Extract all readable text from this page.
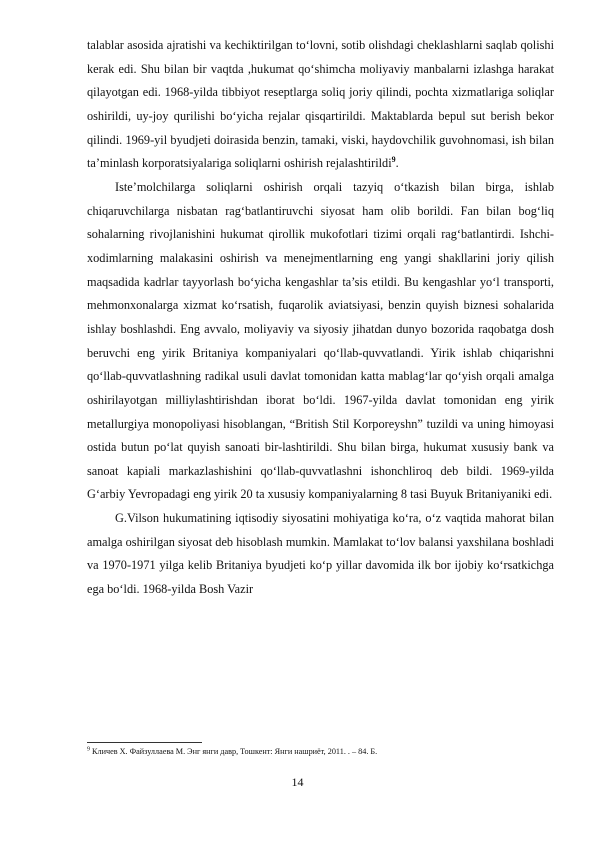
talablar asosida ajratishi va kechiktirilgan to‘lovni, sotib olishdagi cheklashlarni saqlab qolishi kerak edi. Shu bilan bir vaqtda ,hukumat qo‘shimcha moliyaviy manbalarni izlashga harakat qilayotgan edi. 1968-yilda tibbiyot reseptlarga soliq joriy qilindi, pochta xizmatlariga soliqlar oshirildi, uy-joy qurilishi bo‘yicha rejalar qisqartirildi. Maktablarda bepul sut berish bekor qilindi. 1969-yil byudjeti doirasida benzin, tamaki, viski, haydovchilik guvohnomasi, ish bilan ta’minlash korporatsiyalariga soliqlarni oshirish rejalashtirildi$^9$.

Iste’molchilarga soliqlarni oshirish orqali tazyiq o‘tkazish bilan birga, ishlab chiqaruvchilarga nisbatan rag‘batlantiruvchi siyosat ham olib borildi. Fan bilan bog‘liq sohalarning rivojlanishini hukumat qirollik mukofotlari tizimi orqali rag‘batlantirdi. Ishchi-xodimlarning malakasini oshirish va menejmentlarning eng yangi shakllarini joriy qilish maqsadida kadrlar tayyorlash bo‘yicha kengashlar ta’sis etildi. Bu kengashlar yo‘l transporti, mehmonxonalarga xizmat ko‘rsatish, fuqarolik aviatsiyasi, benzin quyish biznesi sohalarida ishlay boshlashdi. Eng avvalo, moliyaviy va siyosiy jihatdan dunyo bozorida raqobatga dosh beruvchi eng yirik Britaniya kompaniyalari qo‘llab-quvvatlandi. Yirik ishlab chiqarishni qo‘llab-quvvatlashning radikal usuli davlat tomonidan katta mablag‘lar qo‘yish orqali amalga oshirilayotgan milliylashtirishdan iborat bo‘ldi. 1967-yilda davlat tomonidan eng yirik metallurgiya monopoliyasi hisoblangan, “British Stil Korporeyshn” tuzildi va uning himoyasi ostida butun po‘lat quyish sanoati bir-lashtirildi. Shu bilan birga, hukumat xususiy bank va sanoat kapiali markazlashishini qo‘llab-quvvatlashni ishonchliroq deb bildi. 1969-yilda G‘arbiy Yevropadagi eng yirik 20 ta xususiy kompaniyalarning 8 tasi Buyuk Britaniyaniki edi.

G.Vilson hukumatining iqtisodiy siyosatini mohiyatiga ko‘ra, o‘z vaqtida mahorat bilan amalga oshirilgan siyosat deb hisoblash mumkin. Mamlakat to‘lov balansi yaxshilana boshladi va 1970-1971 yilga kelib Britaniya byudjeti ko‘p yillar davomida ilk bor ijobiy ko‘rsatkichga ega bo‘ldi. 1968-yilda Bosh Vazir

$^9$ Кличев Х. Файзуллаева М. Энг янги давр, Тошкент: Янги нашриёт, 2011. . – 84. Б.
14
